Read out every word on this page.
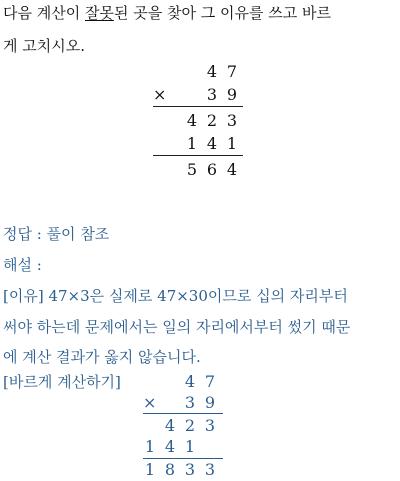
다음 계산이 잘못된 곳을 찾아 그 이유를 쓰고 바르
게 고치시오.
×
4 7
3 9
4 2 3
1 4 1
5 6 4
정답 : 풀이 참조
해설 :
[이유] 47×3은 실제로 47×30이므로 십의 자리부터
써야 하는데 문제에서는 일의 자리에서부터 썼기 때문
에 계산 결과가 옳지 않습니다.
[바르게 계산하기]
×
4 7
3 9
4 2 3
1 4 1
1 8 3 3
